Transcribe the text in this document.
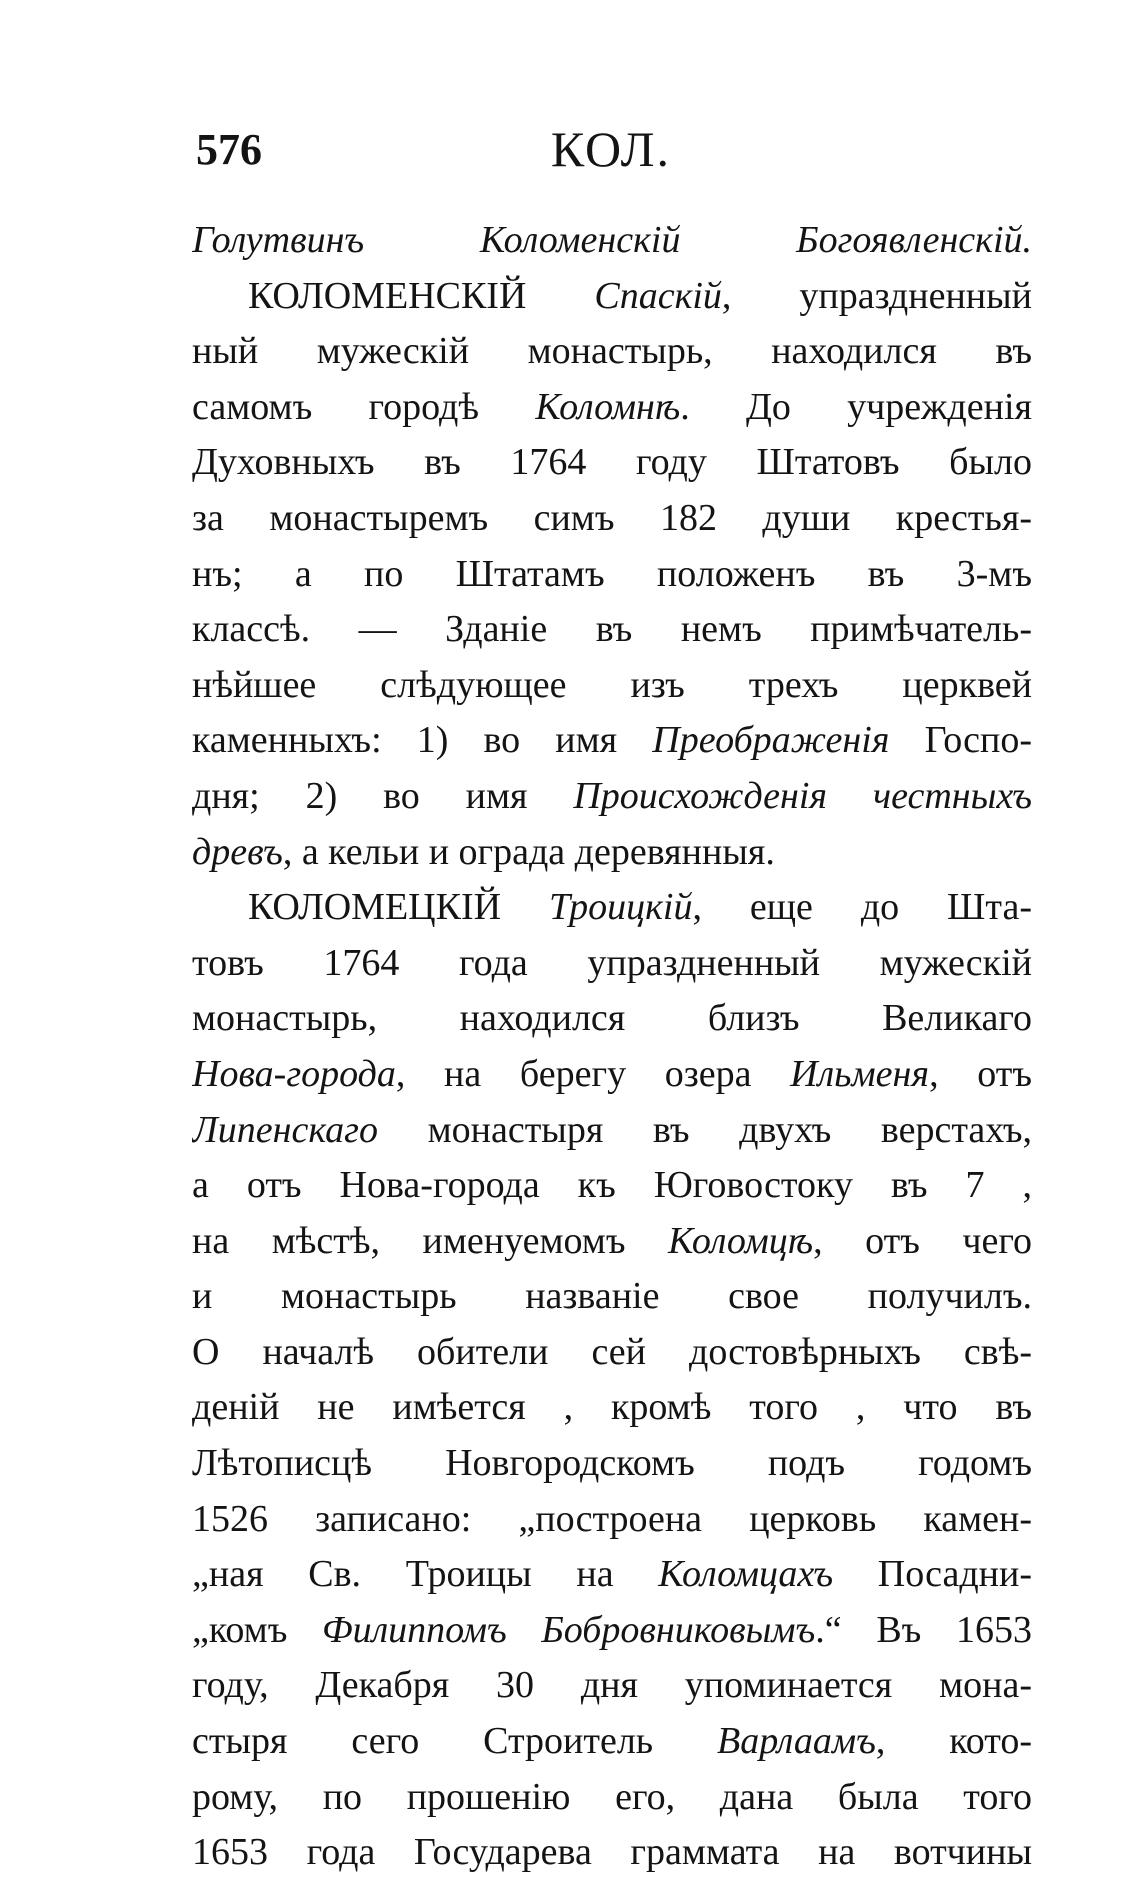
576	КОЛ.
Голутвинъ Коломенскій Богоявленскій.
КОЛОМЕНСКІЙ Спаскій, упраздненный
ный мужескій монастырь, находился въ
самомъ городѣ Коломнѣ. До учрежденія
Духовныхъ въ 1764 году Штатовъ было
за монастыремъ симъ 182 души крестья-
нъ; а по Штатамъ положенъ въ 3-мъ
классѣ. — Зданіе въ немъ примѣчатель-
нѣйшее слѣдующее изъ трехъ церквей
каменныхъ: 1) во имя Преображенія Госпо-
дня; 2) во имя Происхожденія честныхъ
древъ, а кельи и ограда деревянныя.
КОЛОМЕЦКІЙ Троицкій, еще до Шта-
товъ 1764 года упраздненный мужескій
монастырь, находился близъ Великаго
Нова-города, на берегу озера Ильменя, отъ
Липенскаго монастыря въ двухъ верстахъ,
а отъ Нова-города къ Юговостоку въ 7 ,
на мѣстѣ, именуемомъ Коломцѣ, отъ чего
и монастырь названіе свое получилъ.
О началѣ обители сей достовѣрныхъ свѣ-
деній не имѣется , кромѣ того , что въ
Лѣтописцѣ Новгородскомъ подъ годомъ
1526 записано: „построена церковь камен-
„ная Св. Троицы на Коломцахъ Посадни-
„комъ Филиппомъ Бобровниковымъ.“ Въ 1653
году, Декабря 30 дня упоминается мона-
стыря сего Строитель Варлаамъ, кото-
рому, по прошенію его, дана была того
1653 года Государева граммата на вотчины
